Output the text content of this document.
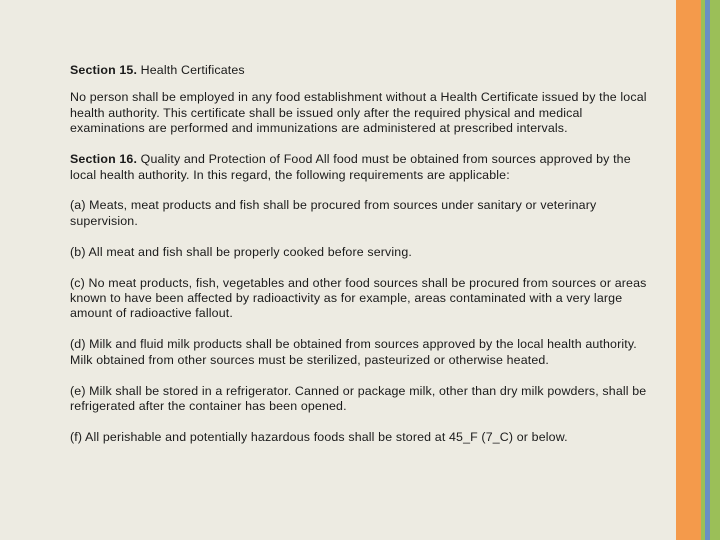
Section 15. Health Certificates

No person shall be employed in any food establishment without a Health Certificate issued by the local health authority. This certificate shall be issued only after the required physical and medical examinations are performed and immunizations are administered at prescribed intervals.

Section 16. Quality and Protection of Food All food must be obtained from sources approved by the local health authority. In this regard, the following requirements are applicable:

(a) Meats, meat products and fish shall be procured from sources under sanitary or veterinary supervision.

(b) All meat and fish shall be properly cooked before serving.

(c) No meat products, fish, vegetables and other food sources shall be procured from sources or areas known to have been affected by radioactivity as for example, areas contaminated with a very large amount of radioactive fallout.

(d) Milk and fluid milk products shall be obtained from sources approved by the local health authority. Milk obtained from other sources must be sterilized, pasteurized or otherwise heated.

(e) Milk shall be stored in a refrigerator. Canned or package milk, other than dry milk powders, shall be refrigerated after the container has been opened.

(f) All perishable and potentially hazardous foods shall be stored at 45_F (7_C) or below.
